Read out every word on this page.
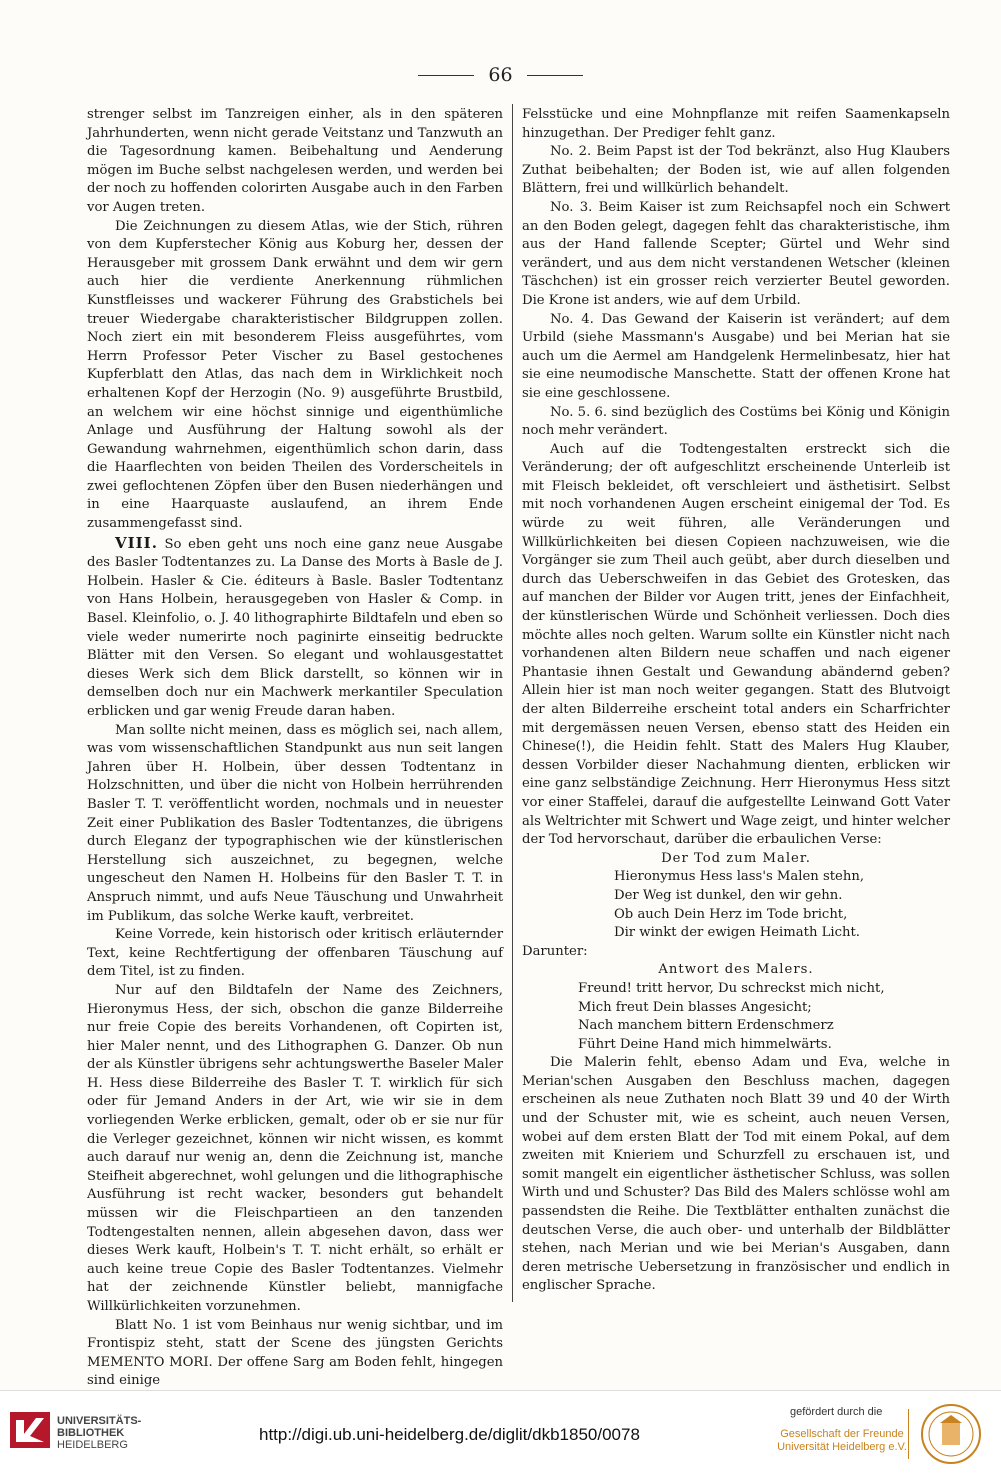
66

strenger selbst im Tanzreigen einher, als in den späteren Jahrhunderten, wenn nicht gerade Veitstanz und Tanzwuth an die Tagesordnung kamen. Beibehaltung und Aenderung mögen im Buche selbst nachgelesen werden, und werden bei der noch zu hoffenden colorirten Ausgabe auch in den Farben vor Augen treten.

Die Zeichnungen zu diesem Atlas, wie der Stich, rühren von dem Kupferstecher König aus Koburg her, dessen der Herausgeber mit grossem Dank erwähnt und dem wir gern auch hier die verdiente Anerkennung rühmlichen Kunstfleisses und wackerer Führung des Grabstichels bei treuer Wiedergabe charakteristischer Bildgruppen zollen. Noch ziert ein mit besonderem Fleiss ausgeführtes, vom Herrn Professor Peter Vischer zu Basel gestochenes Kupferblatt den Atlas, das nach dem in Wirklichkeit noch erhaltenen Kopf der Herzogin (No. 9) ausgeführte Brustbild, an welchem wir eine höchst sinnige und eigenthümliche Anlage und Ausführung der Haltung sowohl als der Gewandung wahrnehmen, eigenthümlich schon darin, dass die Haarflechten von beiden Theilen des Vorderscheitels in zwei geflochtenen Zöpfen über den Busen niederhängen und in eine Haarquaste auslaufend, an ihrem Ende zusammengefasst sind.

VIII. So eben geht uns noch eine ganz neue Ausgabe des Basler Todtentanzes zu. La Danse des Morts à Basle de J. Holbein. Hasler & Cie. éditeurs à Basle. Basler Todtentanz von Hans Holbein, herausgegeben von Hasler & Comp. in Basel. Kleinfolio, o. J. 40 lithographirte Bildtafeln und eben so viele weder numerirte noch paginirte einseitig bedruckte Blätter mit den Versen. So elegant und wohlausgestattet dieses Werk sich dem Blick darstellt, so können wir in demselben doch nur ein Machwerk merkantiler Speculation erblicken und gar wenig Freude daran haben.

Man sollte nicht meinen, dass es möglich sei, nach allem, was vom wissenschaftlichen Standpunkt aus nun seit langen Jahren über H. Holbein, über dessen Todtentanz in Holzschnitten, und über die nicht von Holbein herrührenden Basler T. T. veröffentlicht worden, nochmals und in neuester Zeit einer Publikation des Basler Todtentanzes, die übrigens durch Eleganz der typographischen wie der künstlerischen Herstellung sich auszeichnet, zu begegnen, welche ungescheut den Namen H. Holbeins für den Basler T. T. in Anspruch nimmt, und aufs Neue Täuschung und Unwahrheit im Publikum, das solche Werke kauft, verbreitet.

Keine Vorrede, kein historisch oder kritisch erläuternder Text, keine Rechtfertigung der offenbaren Täuschung auf dem Titel, ist zu finden.

Nur auf den Bildtafeln der Name des Zeichners, Hieronymus Hess, der sich, obschon die ganze Bilderreihe nur freie Copie des bereits Vorhandenen, oft Copirten ist, hier Maler nennt, und des Lithographen G. Danzer. Ob nun der als Künstler übrigens sehr achtungswerthe Baseler Maler H. Hess diese Bilderreihe des Basler T. T. wirklich für sich oder für Jemand Anders in der Art, wie wir sie in dem vorliegenden Werke erblicken, gemalt, oder ob er sie nur für die Verleger gezeichnet, können wir nicht wissen, es kommt auch darauf nur wenig an, denn die Zeichnung ist, manche Steifheit abgerechnet, wohl gelungen und die lithographische Ausführung ist recht wacker, besonders gut behandelt müssen wir die Fleischpartieen an den tanzenden Todtengestalten nennen, allein abgesehen davon, dass wer dieses Werk kauft, Holbein's T. T. nicht erhält, so erhält er auch keine treue Copie des Basler Todtentanzes. Vielmehr hat der zeichnende Künstler beliebt, mannigfache Willkürlichkeiten vorzunehmen.

Blatt No. 1 ist vom Beinhaus nur wenig sichtbar, und im Frontispiz steht, statt der Scene des jüngsten Gerichts MEMENTO MORI. Der offene Sarg am Boden fehlt, hingegen sind einige

Felsstücke und eine Mohnpflanze mit reifen Saamenkapseln hinzugethan. Der Prediger fehlt ganz.

No. 2. Beim Papst ist der Tod bekränzt, also Hug Klaubers Zuthat beibehalten; der Boden ist, wie auf allen folgenden Blättern, frei und willkürlich behandelt.

No. 3. Beim Kaiser ist zum Reichsapfel noch ein Schwert an den Boden gelegt, dagegen fehlt das charakteristische, ihm aus der Hand fallende Scepter; Gürtel und Wehr sind verändert, und aus dem nicht verstandenen Wetscher (kleinen Täschchen) ist ein grosser reich verzierter Beutel geworden. Die Krone ist anders, wie auf dem Urbild.

No. 4. Das Gewand der Kaiserin ist verändert; auf dem Urbild (siehe Massmann's Ausgabe) und bei Merian hat sie auch um die Aermel am Handgelenk Hermelinbesatz, hier hat sie eine neumodische Manschette. Statt der offenen Krone hat sie eine geschlossene.

No. 5. 6. sind bezüglich des Costüms bei König und Königin noch mehr verändert.

Auch auf die Todtengestalten erstreckt sich die Veränderung; der oft aufgeschlitzt erscheinende Unterleib ist mit Fleisch bekleidet, oft verschleiert und ästhetisirt. Selbst mit noch vorhandenen Augen erscheint einigemal der Tod. Es würde zu weit führen, alle Veränderungen und Willkürlichkeiten bei diesen Copieen nachzuweisen, wie die Vorgänger sie zum Theil auch geübt, aber durch dieselben und durch das Ueberschweifen in das Gebiet des Grotesken, das auf manchen der Bilder vor Augen tritt, jenes der Einfachheit, der künstlerischen Würde und Schönheit verliessen. Doch dies möchte alles noch gelten. Warum sollte ein Künstler nicht nach vorhandenen alten Bildern neue schaffen und nach eigener Phantasie ihnen Gestalt und Gewandung abändernd geben? Allein hier ist man noch weiter gegangen. Statt des Blutvoigt der alten Bilderreihe erscheint total anders ein Scharfrichter mit dergemässen neuen Versen, ebenso statt des Heiden ein Chinese(!), die Heidin fehlt. Statt des Malers Hug Klauber, dessen Vorbilder dieser Nachahmung dienten, erblicken wir eine ganz selbständige Zeichnung. Herr Hieronymus Hess sitzt vor einer Staffelei, darauf die aufgestellte Leinwand Gott Vater als Weltrichter mit Schwert und Wage zeigt, und hinter welcher der Tod hervorschaut, darüber die erbaulichen Verse:

Der Tod zum Maler.
Hieronymus Hess lass's Malen stehn,
Der Weg ist dunkel, den wir gehn.
Ob auch Dein Herz im Tode bricht,
Dir winkt der ewigen Heimath Licht.

Darunter:

Antwort des Malers.
Freund! tritt hervor, Du schreckst mich nicht,
Mich freut Dein blasses Angesicht;
Nach manchem bittern Erdenschmerz
Führt Deine Hand mich himmelwärts.

Die Malerin fehlt, ebenso Adam und Eva, welche in Merian'schen Ausgaben den Beschluss machen, dagegen erscheinen als neue Zuthaten noch Blatt 39 und 40 der Wirth und der Schuster mit, wie es scheint, auch neuen Versen, wobei auf dem ersten Blatt der Tod mit einem Pokal, auf dem zweiten mit Knieriem und Schurzfell zu erschauen ist, und somit mangelt ein eigentlicher ästhetischer Schluss, was sollen Wirth und und Schuster? Das Bild des Malers schlösse wohl am passendsten die Reihe. Die Textblätter enthalten zunächst die deutschen Verse, die auch ober- und unterhalb der Bildblätter stehen, nach Merian und wie bei Merian's Ausgaben, dann deren metrische Uebersetzung in französischer und endlich in englischer Sprache.

UNIVERSITÄTS-
BIBLIOTHEK
HEIDELBERG
http://digi.ub.uni-heidelberg.de/diglit/dkb1850/0078
gefördert durch die
Gesellschaft der Freunde
Universität Heidelberg e.V.
